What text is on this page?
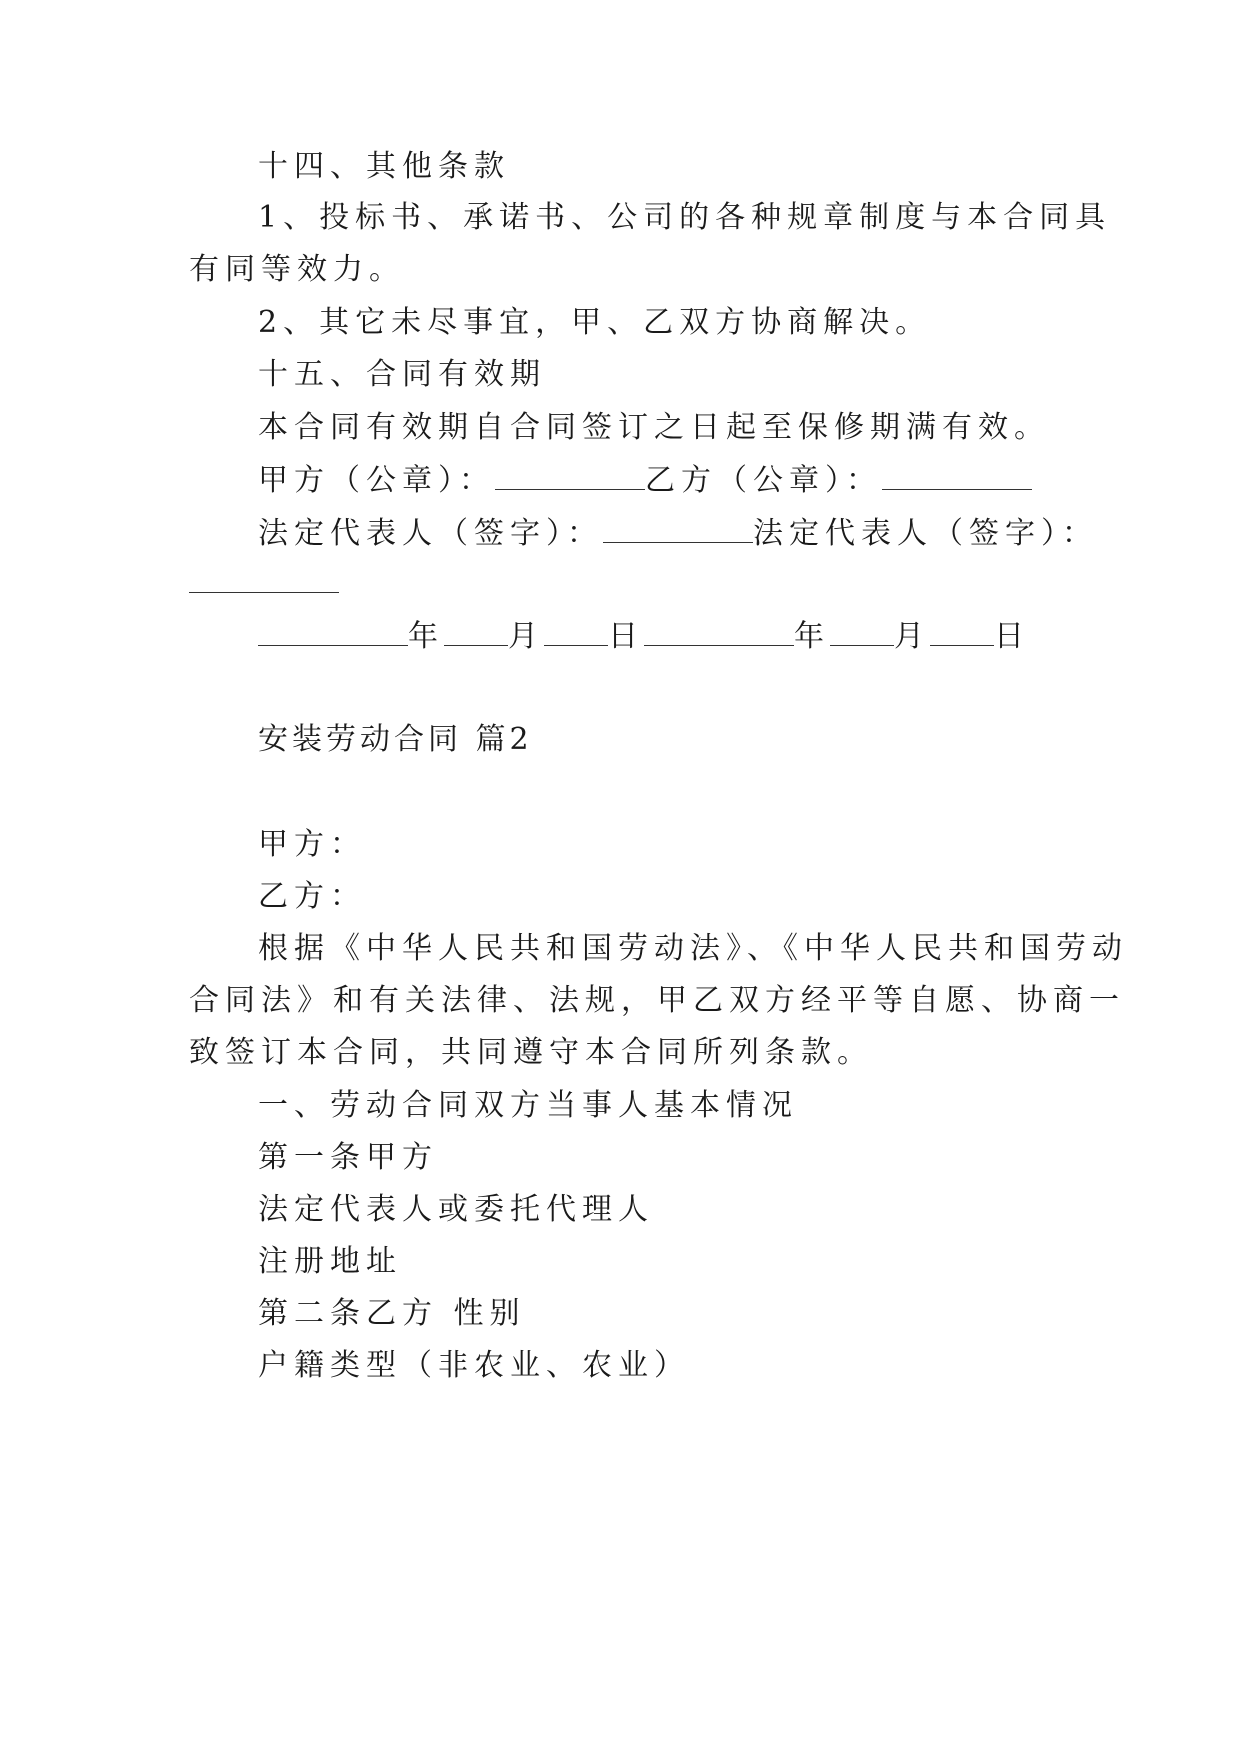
十四、其他条款
1、投标书、承诺书、公司的各种规章制度与本合同具
有同等效力。
2、其它未尽事宜，甲、乙双方协商解决。
十五、合同有效期
本合同有效期自合同签订之日起至保修期满有效。
甲方（公章）：	乙方（公章）：
法定代表人（签字）：	法定代表人（签字）：
年 月 日	年 月 日
安装劳动合同 篇2
甲方：
乙方：
根据《中华人民共和国劳动法》、《中华人民共和国劳动
合同法》和有关法律、法规，甲乙双方经平等自愿、协商一
致签订本合同，共同遵守本合同所列条款。
一、劳动合同双方当事人基本情况
第一条甲方
法定代表人或委托代理人
注册地址
第二条乙方 性别
户籍类型（非农业、农业）
